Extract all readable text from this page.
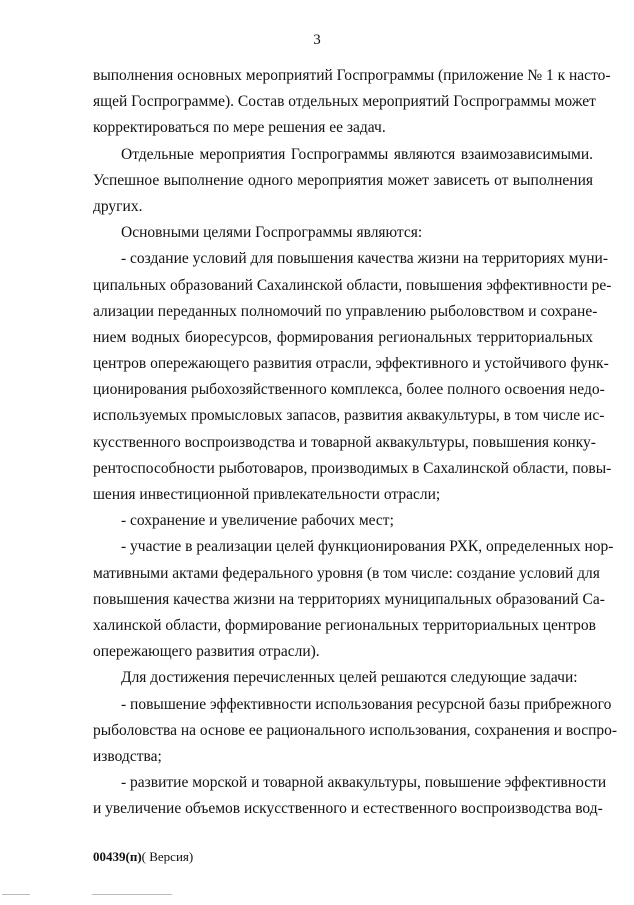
3
выполнения основных мероприятий Госпрограммы (приложение № 1 к насто-
ящей Госпрограмме). Состав отдельных мероприятий Госпрограммы может
корректироваться по мере решения ее задач.
Отдельные мероприятия Госпрограммы являются взаимозависимыми.
Успешное выполнение одного мероприятия может зависеть от выполнения
других.
Основными целями Госпрограммы являются:
- создание условий для повышения качества жизни на территориях муни-
ципальных образований Сахалинской области, повышения эффективности ре-
ализации переданных полномочий по управлению рыболовством и сохране-
нием водных биоресурсов, формирования региональных территориальных
центров опережающего развития отрасли, эффективного и устойчивого функ-
ционирования рыбохозяйственного комплекса, более полного освоения недо-
используемых промысловых запасов, развития аквакультуры, в том числе ис-
кусственного воспроизводства и товарной аквакультуры, повышения конку-
рентоспособности рыботоваров, производимых в Сахалинской области, повы-
шения инвестиционной привлекательности отрасли;
- сохранение и увеличение рабочих мест;
- участие в реализации целей функционирования РХК, определенных нор-
мативными актами федерального уровня (в том числе: создание условий для
повышения качества жизни на территориях муниципальных образований Са-
халинской области, формирование региональных территориальных центров
опережающего развития отрасли).
Для достижения перечисленных целей решаются следующие задачи:
- повышение эффективности использования ресурсной базы прибрежного
рыболовства на основе ее рационального использования, сохранения и воспро-
изводства;
- развитие морской и товарной аквакультуры, повышение эффективности
и увеличение объемов искусственного и естественного воспроизводства вод-
00439(п)( Версия)
